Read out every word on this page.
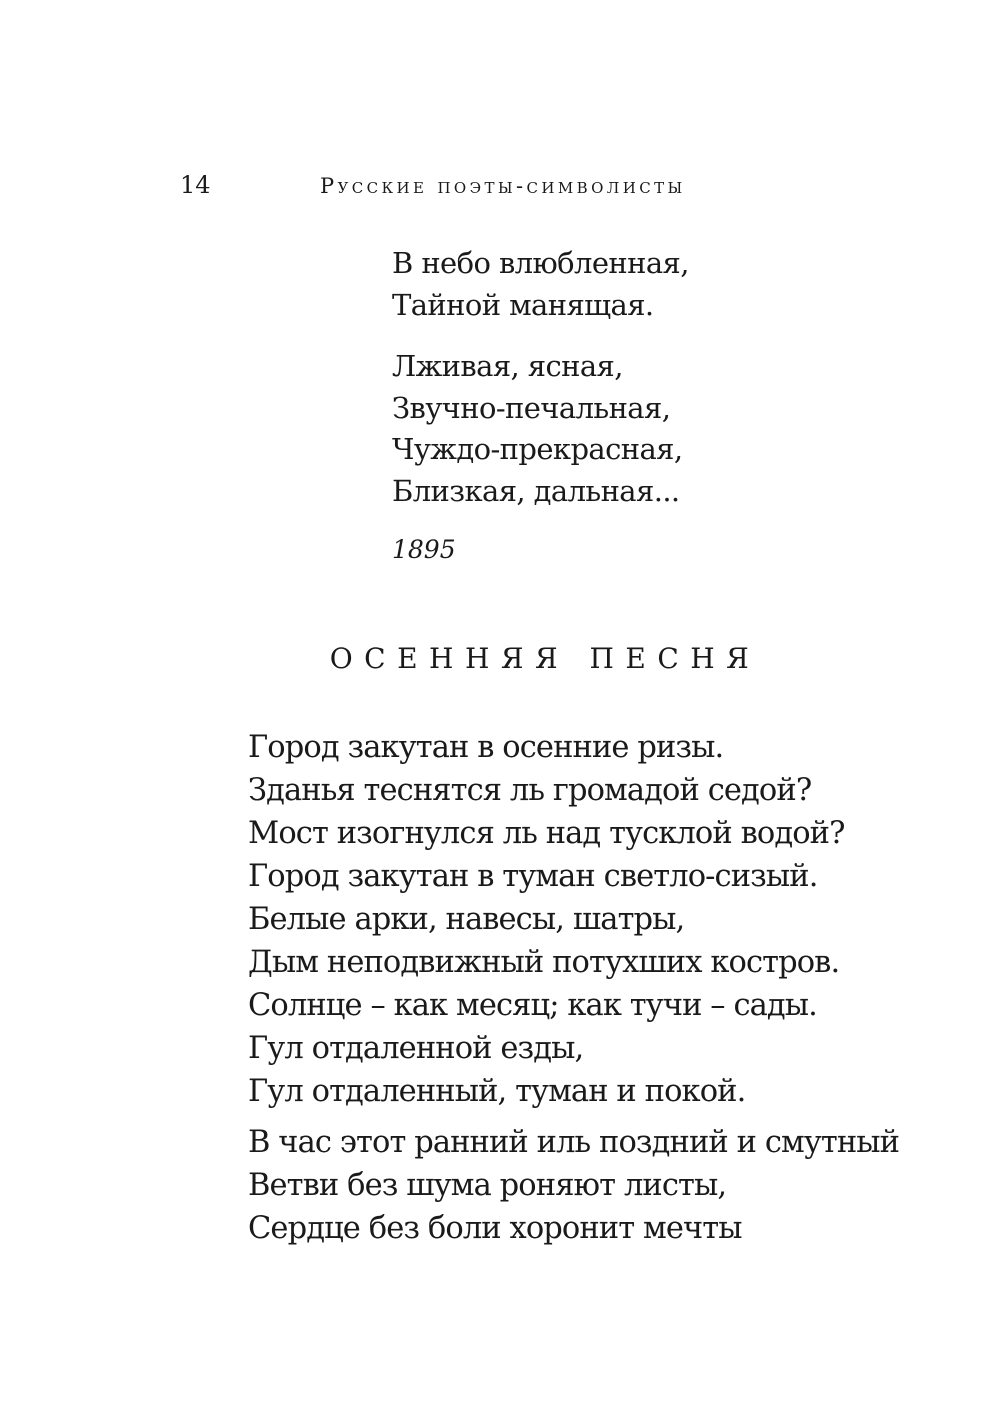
14	Русские поэты-символисты
В небо влюбленная,
Тайной манящая.
Лживая, ясная,
Звучно-печальная,
Чуждо-прекрасная,
Близкая, дальная...
1895
ОСЕННЯЯ ПЕСНЯ
Город закутан в осенние ризы.
Зданья теснятся ль громадой седой?
Мост изогнулся ль над тусклой водой?
Город закутан в туман светло-сизый.
Белые арки, навесы, шатры,
Дым неподвижный потухших костров.
Солнце – как месяц; как тучи – сады.
Гул отдаленной езды,
Гул отдаленный, туман и покой.
В час этот ранний иль поздний и смутный
Ветви без шума роняют листы,
Сердце без боли хоронит мечты
